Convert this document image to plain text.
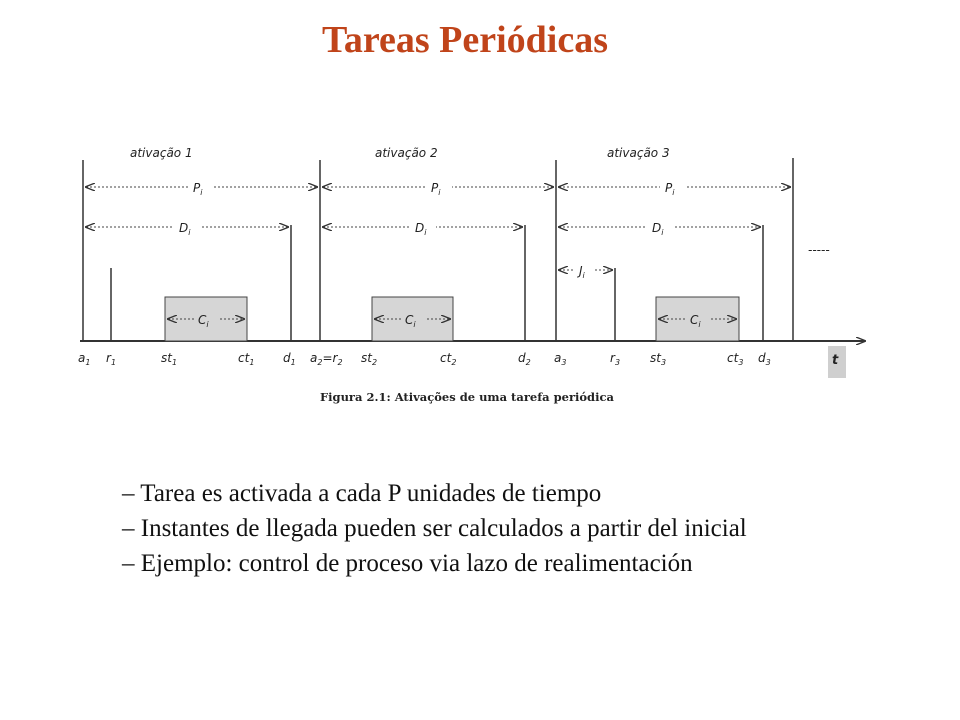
Tareas Periódicas
ativação 1	ativação 2	ativação 3
t
$P_i$	$P_i$	$P_i$
$D_i$	$D_i$	$D_i$
$J_i$
-----
$C_i$	$C_i$	$C_i$
$a_1$ $r_1$	$st_1$	$ct_1$ $d_1$ $a_2=r_2$ $st_2$	$ct_2$	$d_2$ $a_3$	$r_3$ $st_3$	$ct_3$ $d_3$
Figura 2.1: Ativações de uma tarefa periódica
– Tarea es activada a cada P unidades de tiempo
– Instantes de llegada pueden ser calculados a partir del inicial
– Ejemplo: control de proceso via lazo de realimentación
